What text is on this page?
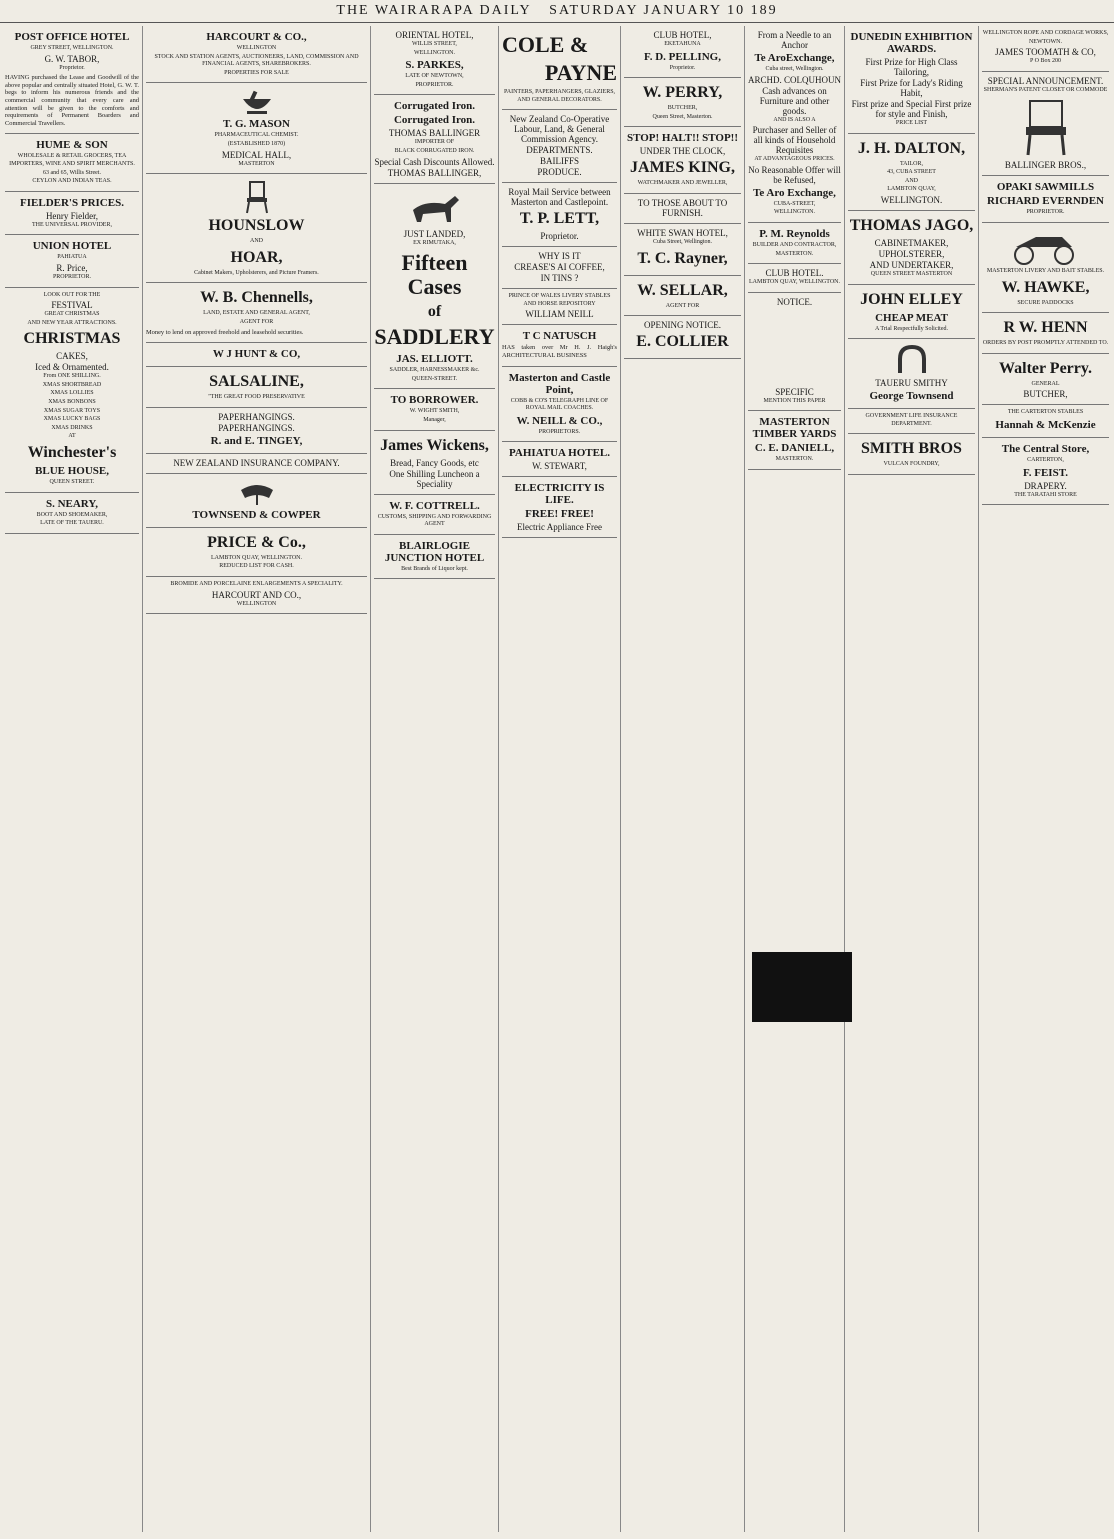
THE WAIRARAPA DAILY SATURDAY JANUARY 10 189
POST OFFICE HOTEL
GREY STREET, WELLINGTON.
G. W. TABOR,
Proprietor.
HAVING purchased the Lease and Goodwill of the above popular and centrally situated Hotel, G. W. T. begs to inform his numerous friends and the commercial community that every care and attention will be given to the comforts and requirements of Permanent Boarders and Commercial Travellers.
HUME & SON
WHOLESALE & RETAIL GROCERS, TEA IMPORTERS, WINE AND SPIRIT MERCHANTS.
63 and 65, Willis Street.
CEYLON AND INDIAN TEAS.
FIELDER'S PRICES.
Henry Fielder,
THE UNIVERSAL PROVIDER,
UNION HOTEL
PAHIATUA
R. Price,
PROPRIETOR.
LOOK OUT FOR THE
FESTIVAL
GREAT CHRISTMAS
AND NEW YEAR ATTRACTIONS.
CHRISTMAS
CAKES,
Iced & Ornamented.
From ONE SHILLING.
XMAS SHORTBREAD
XMAS LOLLIES
XMAS BONBONS
XMAS SUGAR TOYS
XMAS LUCKY BAGS
XMAS DRINKS
AT
Winchester's
BLUE HOUSE,
QUEEN STREET.
S. NEARY,
BOOT AND SHOEMAKER,
LATE OF THE TAUERU.
HARCOURT & CO.,
WELLINGTON
STOCK AND STATION AGENTS, AUCTIONEERS, LAND, COMMISSION AND FINANCIAL AGENTS, SHAREBROKERS.
PROPERTIES FOR SALE
T. G. MASON
PHARMACEUTICAL CHEMIST.
(ESTABLISHED 1870)
MEDICAL HALL,
MASTERTON
HOUNSLOW
AND
HOAR,
Cabinet Makers, Upholsterers, and Picture Framers.
W. B. Chennells,
LAND, ESTATE AND GENERAL AGENT,
AGENT FOR
Money to lend on approved freehold and leasehold securities.
W J HUNT & CO,
SALSALINE,
"THE GREAT FOOD PRESERVATIVE
PAPERHANGINGS.
PAPERHANGINGS.
R. and E. TINGEY,
NEW ZEALAND INSURANCE COMPANY.
TOWNSEND & COWPER
PRICE & Co.,
LAMBTON QUAY, WELLINGTON.
REDUCED LIST FOR CASH.
BROMIDE AND PORCELAINE ENLARGEMENTS A SPECIALITY.
HARCOURT AND CO.,
WELLINGTON
ORIENTAL HOTEL,
WILLIS STREET,
WELLINGTON.
S. PARKES,
LATE OF NEWTOWN,
PROPRIETOR.
Corrugated Iron.
Corrugated Iron.
THOMAS BALLINGER
IMPORTER OF
BLACK CORRUGATED IRON.
Special Cash Discounts Allowed.
THOMAS BALLINGER,
JUST LANDED,
EX RIMUTAKA,
Fifteen Cases
of
SADDLERY
JAS. ELLIOTT.
SADDLER, HARNESSMAKER &c.
QUEEN-STREET.
TO BORROWER.
W. WIGHT SMITH,
Manager,
James Wickens,
Bread, Fancy Goods, etc
One Shilling Luncheon a Speciality
W. F. COTTRELL.
CUSTOMS, SHIPPING AND FORWARDING AGENT
BLAIRLOGIE JUNCTION HOTEL
Best Brands of Liquor kept.
COLE &
PAYNE
PAINTERS, PAPERHANGERS, GLAZIERS, AND GENERAL DECORATORS.
New Zealand Co-Operative Labour, Land, & General Commission Agency.
DEPARTMENTS.
BAILIFFS
PRODUCE.
Royal Mail Service between Masterton and Castlepoint.
T. P. LETT,
Proprietor.
WHY IS IT
CREASE'S AI COFFEE,
IN TINS ?
PRINCE OF WALES LIVERY STABLES AND HORSE REPOSITORY
WILLIAM NEILL
T C NATUSCH
HAS taken over Mr H. J. Haigh's ARCHITECTURAL BUSINESS
Masterton and Castle Point,
COBB & CO'S TELEGRAPH LINE OF ROYAL MAIL COACHES.
W. NEILL & CO.,
PROPRIETORS.
PAHIATUA HOTEL.
W. STEWART,
ELECTRICITY IS LIFE.
FREE! FREE!
Electric Appliance Free
CLUB HOTEL,
EKETAHUNA
F. D. PELLING,
Proprietor.
W. PERRY,
BUTCHER,
Queen Street, Masterton.
STOP! HALT!! STOP!!
UNDER THE CLOCK,
JAMES KING,
WATCHMAKER AND JEWELLER,
TO THOSE ABOUT TO FURNISH.
WHITE SWAN HOTEL,
Cuba Street, Wellington.
T. C. Rayner,
W. SELLAR,
AGENT FOR
OPENING NOTICE.
E. COLLIER
From a Needle to an Anchor
Te AroExchange,
Cuba street, Wellington.
ARCHD. COLQUHOUN
Cash advances on Furniture and other goods.
AND IS ALSO A
Purchaser and Seller of all kinds of Household Requisites
AT ADVANTAGEOUS PRICES.
No Reasonable Offer will be Refused,
Te Aro Exchange,
CUBA-STREET,
WELLINGTON.
P. M. Reynolds
BUILDER AND CONTRACTOR,
MASTERTON.
CLUB HOTEL.
LAMBTON QUAY, WELLINGTON.
NOTICE.
SPECIFIC
MENTION THIS PAPER
MASTERTON TIMBER YARDS
C. E. DANIELL,
MASTERTON.
DUNEDIN EXHIBITION AWARDS.
First Prize for High Class Tailoring,
First Prize for Lady's Riding Habit,
First prize and Special First prize for style and Finish,
PRICE LIST
J. H. DALTON,
TAILOR,
43, CUBA STREET
AND
LAMBTON QUAY,
WELLINGTON.
THOMAS JAGO,
CABINETMAKER,
UPHOLSTERER,
AND UNDERTAKER,
QUEEN STREET MASTERTON
JOHN ELLEY
CHEAP MEAT
A Trial Respectfully Solicited.
TAUERU SMITHY
George Townsend
GOVERNMENT LIFE INSURANCE DEPARTMENT.
SMITH BROS
VULCAN FOUNDRY,
WELLINGTON ROPE AND CORDAGE WORKS,
NEWTOWN.
JAMES TOOMATH & CO,
P O Box 200
SPECIAL ANNOUNCEMENT.
SHERMAN'S PATENT CLOSET OR COMMODE
BALLINGER BROS.,
OPAKI SAWMILLS
RICHARD EVERNDEN
PROPRIETOR.
MASTERTON LIVERY AND BAIT STABLES.
W. HAWKE,
SECURE PADDOCKS
R W. HENN
ORDERS BY POST PROMPTLY ATTENDED TO.
Walter Perry.
GENERAL
BUTCHER,
THE CARTERTON STABLES
Hannah & McKenzie
The Central Store,
CARTERTON,
F. FEIST.
DRAPERY.
THE TARATAHI STORE
